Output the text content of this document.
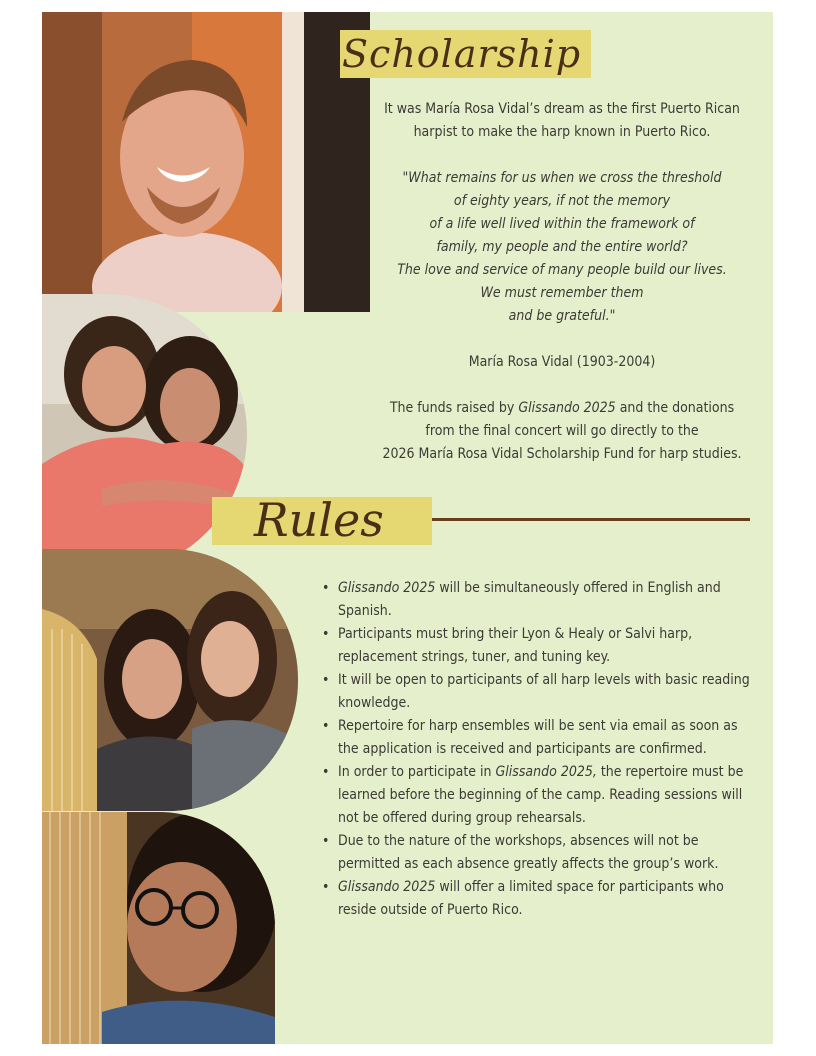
Scholarship

It was María Rosa Vidal’s dream as the first Puerto Rican

harpist to make the harp known in Puerto Rico.

"What remains for us when we cross the threshold

of eighty years, if not the memory

of a life well lived within the framework of

family, my people and the entire world?

The love and service of many people build our lives.

We must remember them

and be grateful."

María Rosa Vidal (1903-2004)

The funds raised by Glissando 2025 and the donations

from the final concert will go directly to the

2026 María Rosa Vidal Scholarship Fund for harp studies.

Rules
• Glissando 2025 will be simultaneously offered in English and Spanish.
• Participants must bring their Lyon & Healy or Salvi harp, replacement strings, tuner, and tuning key.
• It will be open to participants of all harp levels with basic reading knowledge.
• Repertoire for harp ensembles will be sent via email as soon as the application is received and participants are confirmed.
• In order to participate in Glissando 2025, the repertoire must be learned before the beginning of the camp. Reading sessions will not be offered during group rehearsals.
• Due to the nature of the workshops, absences will not be permitted as each absence greatly affects the group’s work.
• Glissando 2025 will offer a limited space for participants who reside outside of Puerto Rico.
